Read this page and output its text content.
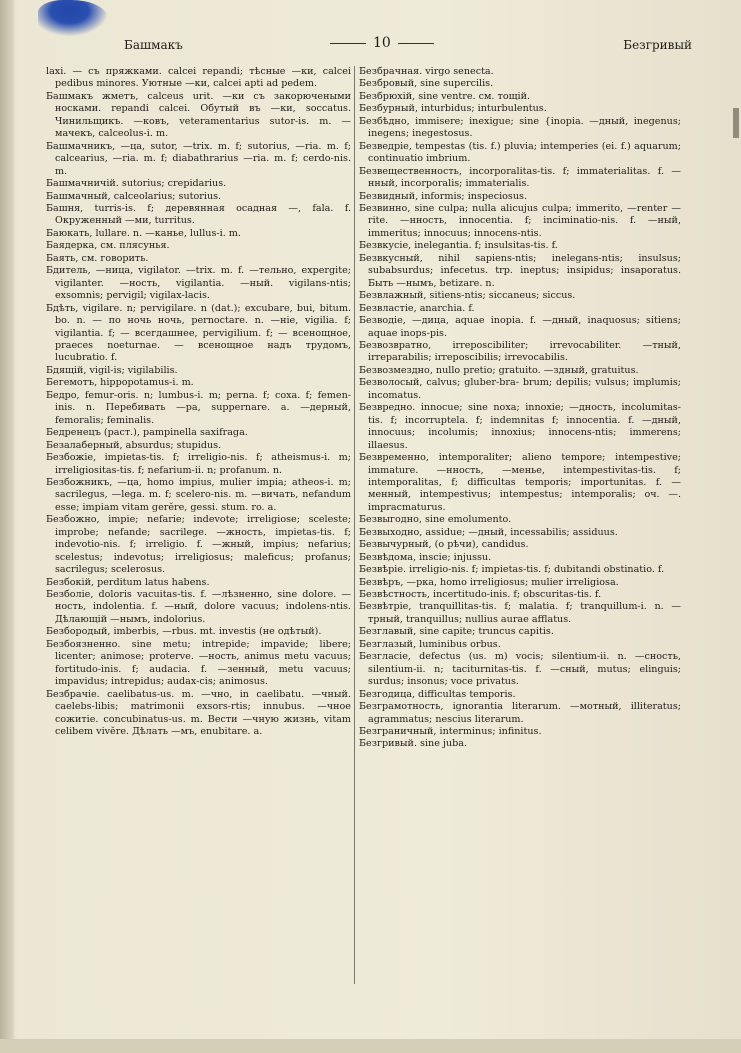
Башмакъ	10	Безгривый

laxi. — съ пряжками. calcei repandi; тѣсные —ки, calcei pedibus minores. Уютные —ки, calcei apti ad pedem.

Башмакъ жметъ, calceus urit. —ки съ закорючеными носками. repandi calcei. Обутый въ —ки, soccatus. Чинильщикъ. —ковъ, veteramentarius sutor-is. m. —мачекъ, calceolus-i. m.

Башмачникъ, —ца, sutor, —trix. m. f; sutorius, —ria. m. f; calcearius, —ria. m. f; diabathrarius —ria. m. f; cerdo-nis. m.

Башмачничiй. sutorius; crepidarius.

Башмачный, calceolarius; sutorius.

Башня, turris-is. f; деревянная осадная —, fala. f. Окруженный —ми, turritus.

Баюкать, lullare. n. —канье, lullus-i. m.

Баядерка, см. плясунья.

Баять, см. говорить.

Бдитель, —ница, vigilator. —trix. m. f. —тельно, expergite; vigilanter. —ность, vigilantia. —ный. vigilans-ntis; exsomnis; pervigil; vigilax-lacis.

Бдѣть, vigilare. n; pervigilare. n (dat.); excubare, bui, bitum. bo. n. — по ночь ночь, pernoctare. n. —нiе, vigilia. f; vigilantia. f; — всегдашнее, pervigilium. f; — всенощное, praeces noeturnae. — всенощное надъ трудомъ, lucubratio. f.

Бдящiй, vigil-is; vigilabilis.

Бегемотъ, hippopotamus-i. m.

Бедро, femur-oris. n; lumbus-i. m; perna. f; coxa. f; femen-inis. n. Перебивать —ра, suppernare. a. —дерный, femoralis; feminalis.

Бедренецъ (раст.), pampinella saxifraga.

Безалаберный, absurdus; stupidus.

Безбожiе, impietas-tis. f; irreligio-nis. f; atheismus-i. m; irreligiositas-tis. f; nefarium-ii. n; profanum. n.

Безбожникъ, —ца, homo impius, mulier impia; atheos-i. m; sacrilegus, —lega. m. f; scelero-nis. m. —вичать, nefandum esse; impiam vitam gerĕre, gessi. stum. ro. a.

Безбожно, impie; nefarie; indevote; irreligiose; sceleste; improbe; nefande; sacrilege. —жность, impietas-tis. f; indevotio-nis. f; irreligio. f. —жный, impius; nefarius; scelestus; indevotus; irreligiosus; maleficus; profanus; sacrilegus; scelerosus.

Безбокiй, perditum latus habens.

Безболiе, doloris vacuitas-tis. f. —лѣзненно, sine dolore. —ность, indolentia. f. —ный, dolore vacuus; indolens-ntis. Дѣлающiй —нымъ, indolorius.

Безбородый, imberbis, —rbus. mt. investis (не одѣтый).

Безбоязненно. sine metu; intrepide; impavide; libere; licenter; animose; proterve. —ность, animus metu vacuus; fortitudo-inis. f; audacia. f. —зенный, metu vacuus; impavidus; intrepidus; audax-cis; animosus.

Безбрачiе. caelibatus-us. m. —чно, in caelibatu. —чный. caelebs-libis; matrimonii exsors-rtis; innubus. —чное сожитiе. concubinatus-us. m. Вести —чную жизнь, vitam celibem vivĕre. Дѣлать —мъ, enubitare. a.

Безбрачная. virgo senecta.

Безбровый, sine supercilis.

Безбрюхiй, sine ventre. см. тощiй.

Безбурный, inturbidus; inturbulentus.

Безбѣдно, immisere; inexigue; sine {inopia. —дный, inegenus; inegens; inegestosus.

Безведрiе, tempestas (tis. f.) pluvia; intemperies (ei. f.) aquarum; continuatio imbrium.

Безвещественность, incorporalitas-tis. f; immaterialitas. f. —нный, incorporalis; immaterialis.

Безвидный, informis; inspeciosus.

Безвинно, sine culpa; nulla alicujus culpa; immerito, —renter —rite. —нность, innocentia. f; inciminatio-nis. f. —ный, immeritus; innocuus; innocens-ntis.

Безвкусiе, inelegantia. f; insulsitas-tis. f.

Безвкусный, nihil sapiens-ntis; inelegans-ntis; insulsus; subabsurdus; infecetus. trp. ineptus; insipidus; insaporatus. Быть —нымъ, betizare. n.

Безвлажный, sitiens-ntis; siccaneus; siccus.

Безвластiе, anarchia. f.

Безводiе, —дица, aquae inopia. f. —дный, inaquosus; sitiens; aquae inops-pis.

Безвозвратно, irreposcibiliter; irrevocabiliter. —тный, irreparabilis; irreposcibilis; irrevocabilis.

Безвозмездно, nullo pretio; gratuito. —здный, gratuitus.

Безволосый, calvus; gluber-bra- brum; depilis; vulsus; implumis; incomatus.

Безвредно. innocue; sine noxa; innoxie; —дность, incolumitas-tis. f; incorruptela. f; indemnitas f; innocentia. f. —дный, innocuus; incolumis; innoxius; innocens-ntis; immerens; illaesus.

Безвременно, intemporaliter; alieno tempore; intempestive; immature. —нность, —менье, intempestivitas-tis. f; intemporalitas, f; difficultas temporis; importunitas. f. —менный, intempestivus; intempestus; intemporalis; оч. —. impracmaturus.

Безвыгодно, sine emolumento.

Безвыходно, assidue; —дный, incessabilis; assiduus.

Безвычурный, (о рѣчи), candidus.

Безвѣдома, inscie; injussu.

Безвѣрiе. irreligio-nis. f; impietas-tis. f; dubitandi obstinatio. f.

Безвѣръ, —рка, homo irreligiosus; mulier irreligiosa.

Безвѣстность, incertitudo-inis. f; obscuritas-tis. f.

Безвѣтрiе, tranquillitas-tis. f; malatia. f; tranquillum-i. n. —трный, tranquillus; nullius aurae afflatus.

Безглавый, sine capite; truncus capitis.

Безглазый, luminibus orbus.

Безгласiе, defectus (us. m) vocis; silentium-ii. n. —сность, silentium-ii. n; taciturnitas-tis. f. —сный, mutus; elinguis; surdus; insonus; voce privatus.

Безгодица, difficultas temporis.

Безграмотность, ignorantia literarum. —мотный, illiteratus; agrammatus; nescius literarum.

Безграничный, interminus; infinitus.

Безгривый. sine juba.
